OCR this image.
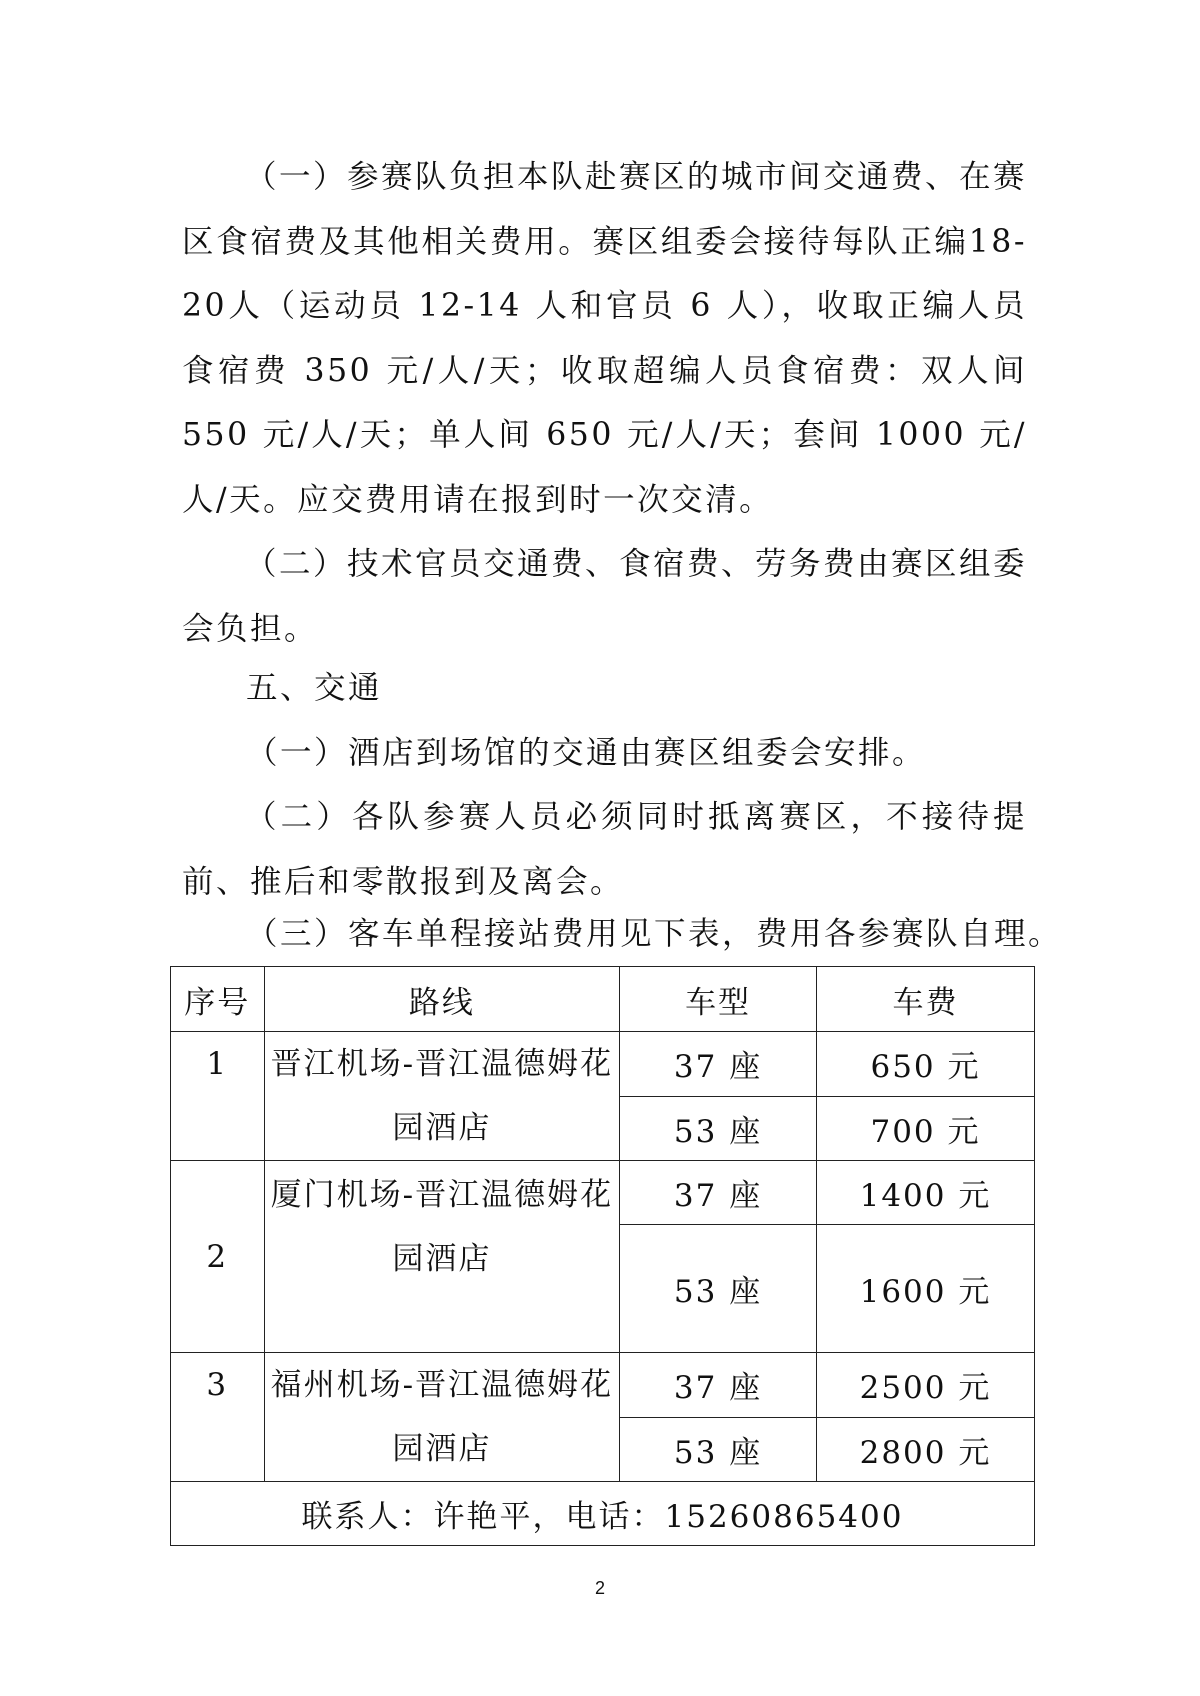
（一）参赛队负担本队赴赛区的城市间交通费、在赛区食宿费及其他相关费用。赛区组委会接待每队正编18-20人（运动员 12-14 人和官员 6 人），收取正编人员食宿费 350 元/人/天；收取超编人员食宿费：双人间 550 元/人/天；单人间 650 元/人/天；套间 1000 元/人/天。应交费用请在报到时一次交清。

（二）技术官员交通费、食宿费、劳务费由赛区组委会负担。

五、交通
（一）酒店到场馆的交通由赛区组委会安排。

（二）各队参赛人员必须同时抵离赛区，不接待提前、推后和零散报到及离会。

（三）客车单程接站费用见下表，费用各参赛队自理。
序号	路线	车型	车费
1	晋江机场-晋江温德姆花园酒店	37 座	650 元
		53 座	700 元
2	厦门机场-晋江温德姆花园酒店	37 座	1400 元
		53 座	1600 元
3	福州机场-晋江温德姆花园酒店	37 座	2500 元
		53 座	2800 元
联系人：许艳平，电话：15260865400			
2
